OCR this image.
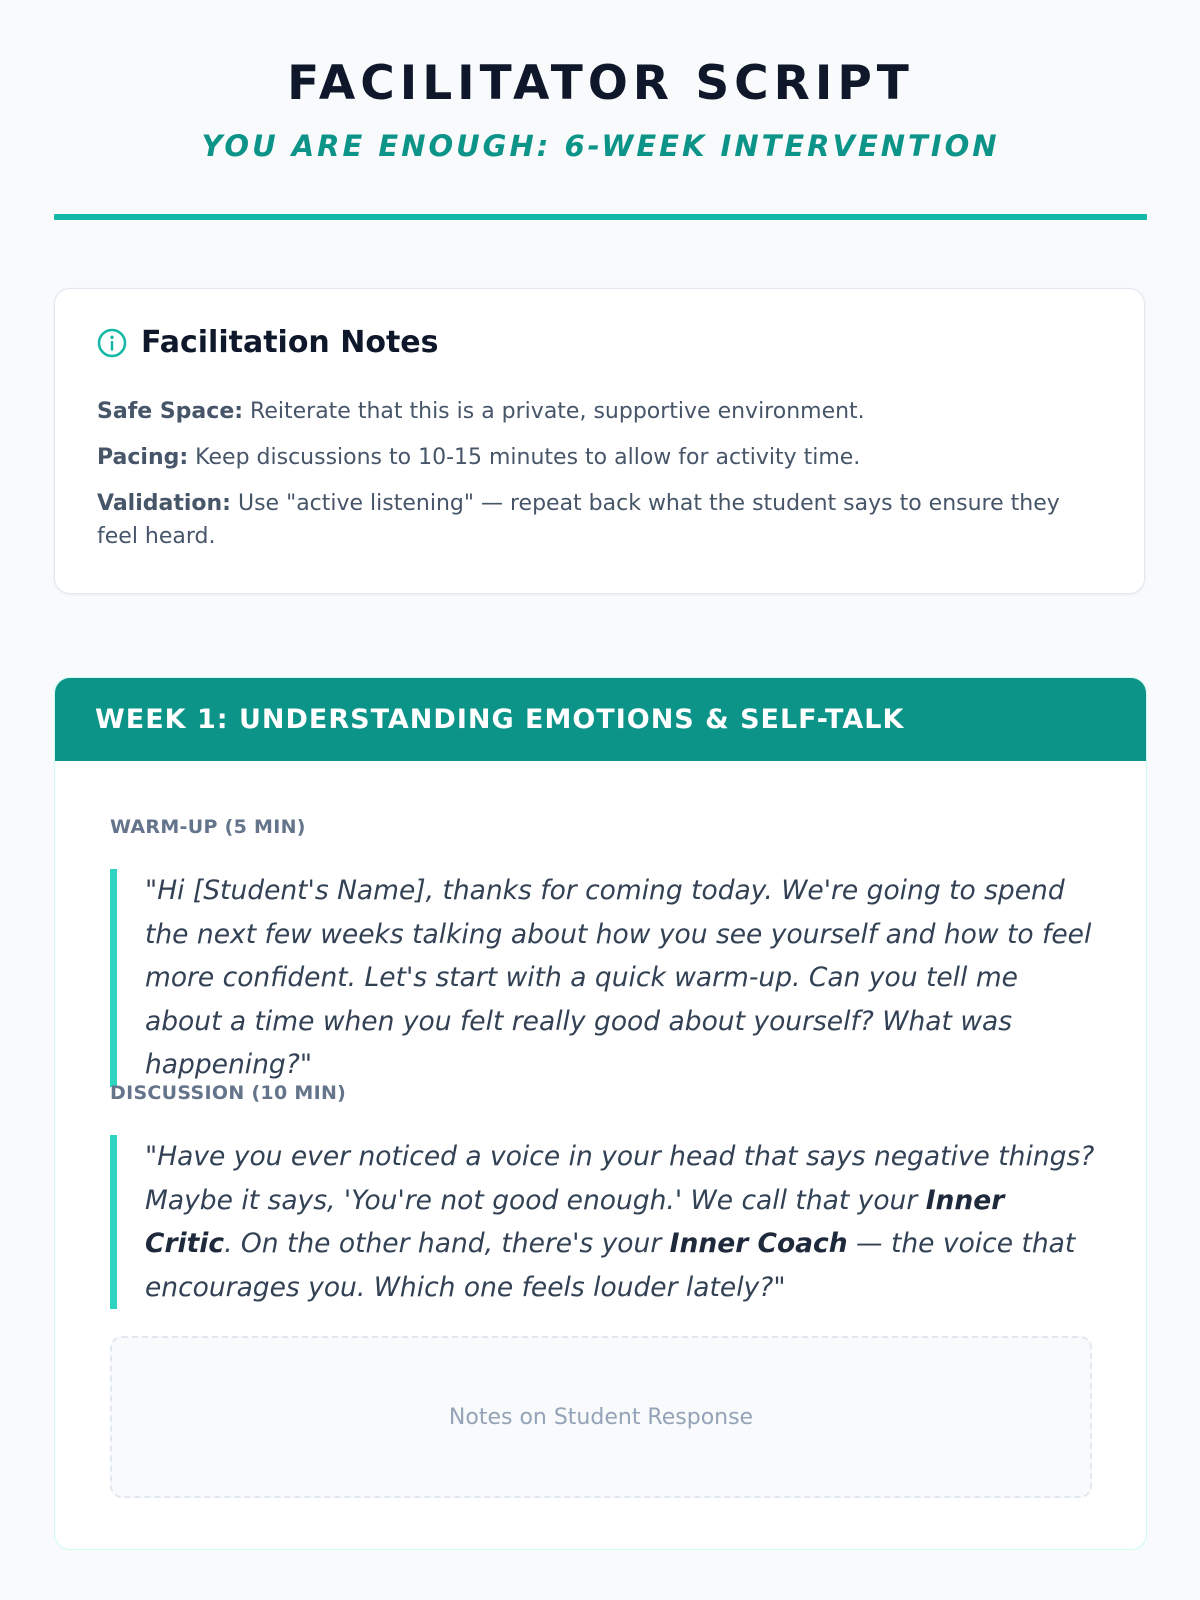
FACILITATOR SCRIPT
YOU ARE ENOUGH: 6-WEEK INTERVENTION
Facilitation Notes
Safe Space: Reiterate that this is a private, supportive environment.
Pacing: Keep discussions to 10-15 minutes to allow for activity time.
Validation: Use "active listening" — repeat back what the student says to ensure they feel heard.
WEEK 1: UNDERSTANDING EMOTIONS & SELF-TALK
WARM-UP (5 MIN)

"Hi [Student's Name], thanks for coming today. We're going to spend the next few weeks talking about how you see yourself and how to feel more confident. Let's start with a quick warm-up. Can you tell me about a time when you felt really good about yourself? What was happening?"

DISCUSSION (10 MIN)

"Have you ever noticed a voice in your head that says negative things? Maybe it says, 'You're not good enough.' We call that your Inner Critic. On the other hand, there's your Inner Coach — the voice that encourages you. Which one feels louder lately?"

Notes on Student Response
